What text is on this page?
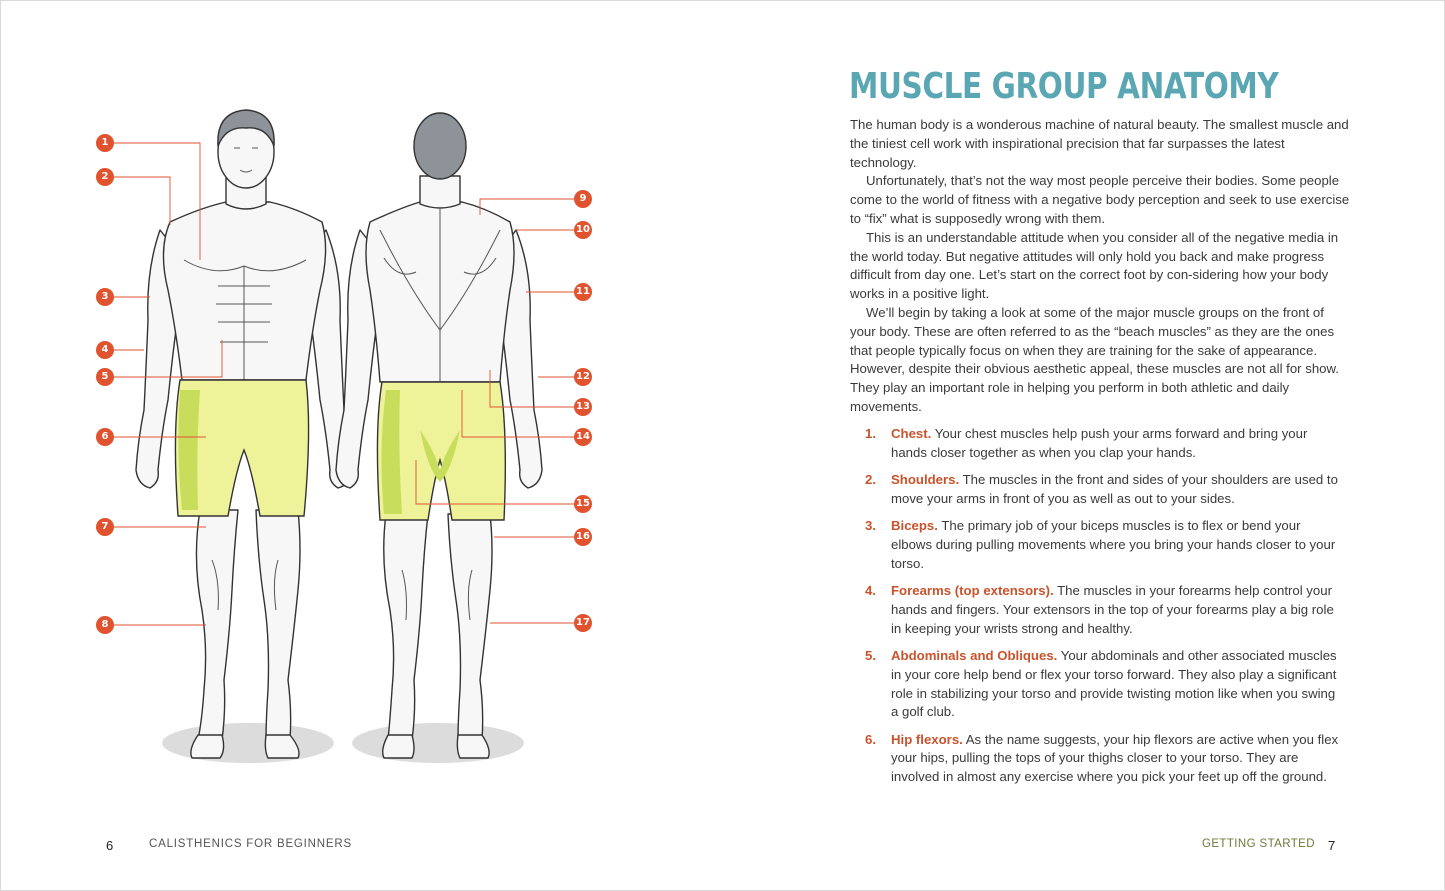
1
2
3
4
5
6
7
8
9
10
11
12
13
14
15
16
17
MUSCLE GROUP ANATOMY

The human body is a wonderous machine of natural beauty. The smallest muscle and the tiniest cell work with inspirational precision that far surpasses the latest technology.

Unfortunately, that’s not the way most people perceive their bodies. Some people come to the world of fitness with a negative body perception and seek to use exercise to “fix” what is supposedly wrong with them.

This is an understandable attitude when you consider all of the negative media in the world today. But negative attitudes will only hold you back and make progress difficult from day one. Let’s start on the correct foot by con-sidering how your body works in a positive light.

We’ll begin by taking a look at some of the major muscle groups on the front of your body. These are often referred to as the “beach muscles” as they are the ones that people typically focus on when they are training for the sake of appearance. However, despite their obvious aesthetic appeal, these muscles are not all for show. They play an important role in helping you perform in both athletic and daily movements.

1.	Chest. Your chest muscles help push your arms forward and bring your hands closer together as when you clap your hands.
2.	Shoulders. The muscles in the front and sides of your shoulders are used to move your arms in front of you as well as out to your sides.
3.	Biceps. The primary job of your biceps muscles is to flex or bend your elbows during pulling movements where you bring your hands closer to your torso.
4.	Forearms (top extensors). The muscles in your forearms help control your hands and fingers. Your extensors in the top of your forearms play a big role in keeping your wrists strong and healthy.
5.	Abdominals and Obliques. Your abdominals and other associated muscles in your core help bend or flex your torso forward. They also play a significant role in stabilizing your torso and provide twisting motion like when you swing a golf club.
6.	Hip flexors. As the name suggests, your hip flexors are active when you flex your hips, pulling the tops of your thighs closer to your torso. They are involved in almost any exercise where you pick your feet up off the ground.
6	CALISTHENICS FOR BEGINNERS	GETTING STARTED 7
